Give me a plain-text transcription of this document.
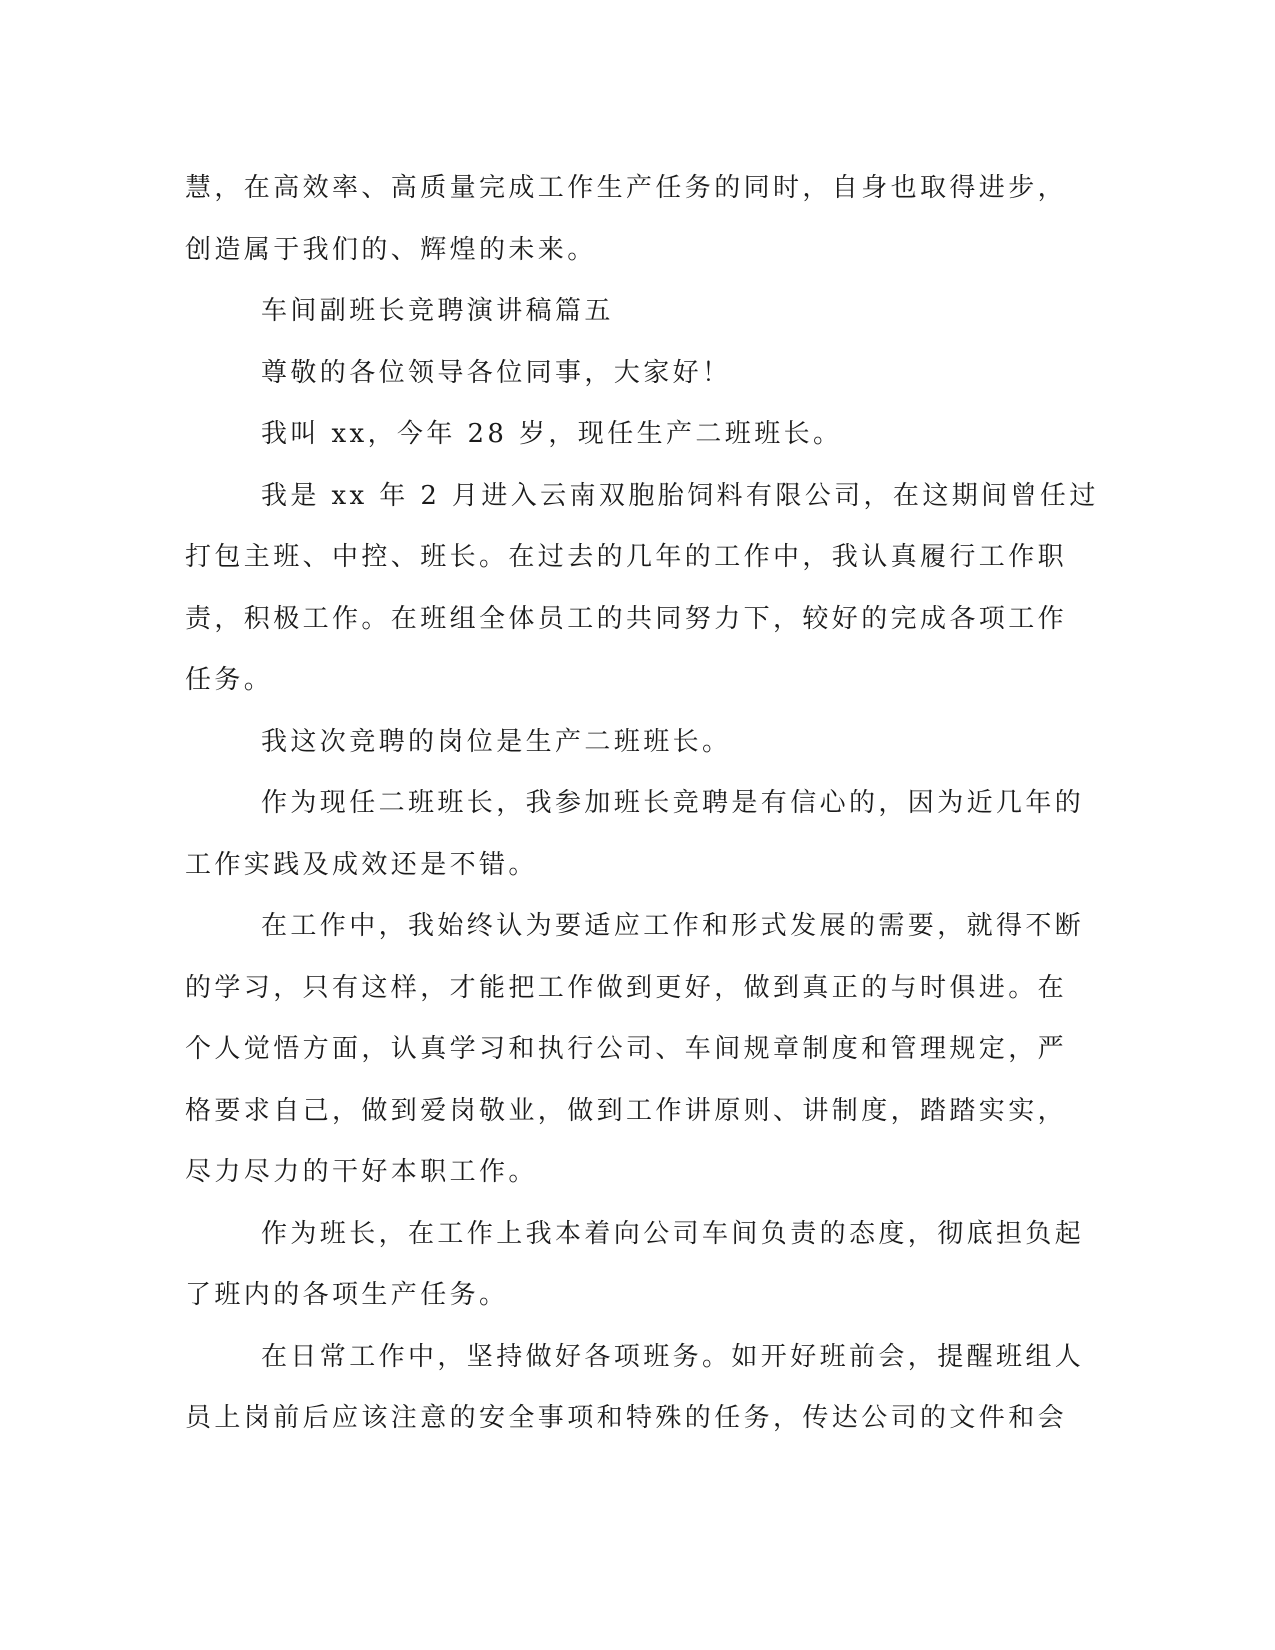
慧，在高效率、高质量完成工作生产任务的同时，自身也取得进步，
创造属于我们的、辉煌的未来。
车间副班长竞聘演讲稿篇五
尊敬的各位领导各位同事，大家好！
我叫 xx，今年 28 岁，现任生产二班班长。
我是 xx 年 2 月进入云南双胞胎饲料有限公司，在这期间曾任过
打包主班、中控、班长。在过去的几年的工作中，我认真履行工作职
责，积极工作。在班组全体员工的共同努力下，较好的完成各项工作
任务。
我这次竞聘的岗位是生产二班班长。
作为现任二班班长，我参加班长竞聘是有信心的，因为近几年的
工作实践及成效还是不错。
在工作中，我始终认为要适应工作和形式发展的需要，就得不断
的学习，只有这样，才能把工作做到更好，做到真正的与时俱进。在
个人觉悟方面，认真学习和执行公司、车间规章制度和管理规定，严
格要求自己，做到爱岗敬业，做到工作讲原则、讲制度，踏踏实实，
尽力尽力的干好本职工作。
作为班长，在工作上我本着向公司车间负责的态度，彻底担负起
了班内的各项生产任务。
在日常工作中，坚持做好各项班务。如开好班前会，提醒班组人
员上岗前后应该注意的安全事项和特殊的任务，传达公司的文件和会
